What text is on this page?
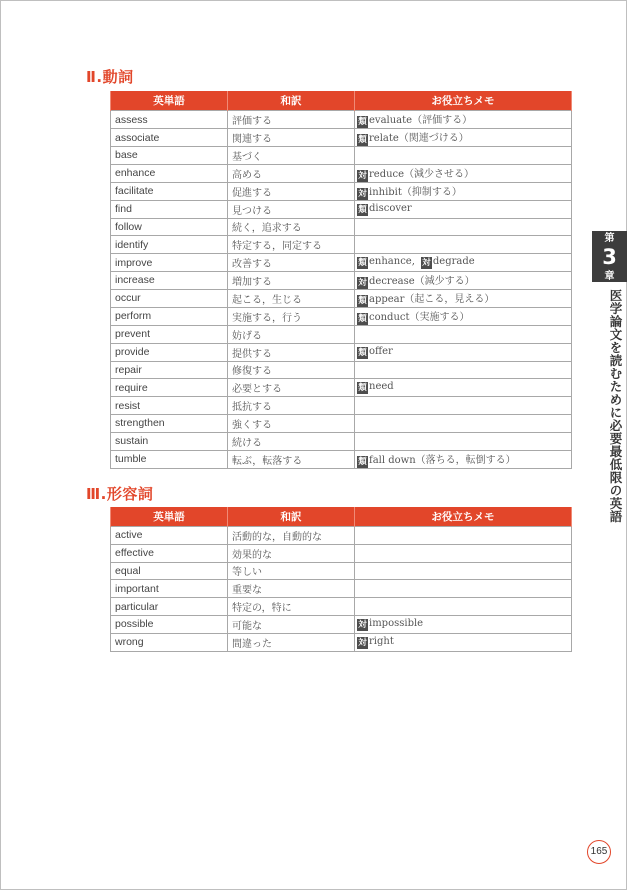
Ⅱ.動詞
英単語	和訳	お役立ちメモ
assess	評価する	類 evaluate（評価する）
associate	関連する	類 relate（関連づける）
base	基づく	
enhance	高める	対 reduce（減少させる）
facilitate	促進する	対 inhibit（抑制する）
find	見つける	類 discover
follow	続く，追求する	
identify	特定する，同定する	
improve	改善する	類 enhance, 対 degrade
increase	増加する	対 decrease（減少する）
occur	起こる，生じる	類 appear（起こる，見える）
perform	実施する，行う	類 conduct（実施する）
prevent	妨げる	
provide	提供する	類 offer
repair	修復する	
require	必要とする	類 need
resist	抵抗する	
strengthen	強くする	
sustain	続ける	
tumble	転ぶ，転落する	類 fall down（落ちる，転倒する）
Ⅲ.形容詞
英単語	和訳	お役立ちメモ
active	活動的な，自動的な	
effective	効果的な	
equal	等しい	
important	重要な	
particular	特定の，特に	
possible	可能な	対 impossible
wrong	間違った	対 right
第
3
章
医学論文を読むために必要最低限の英語
165
